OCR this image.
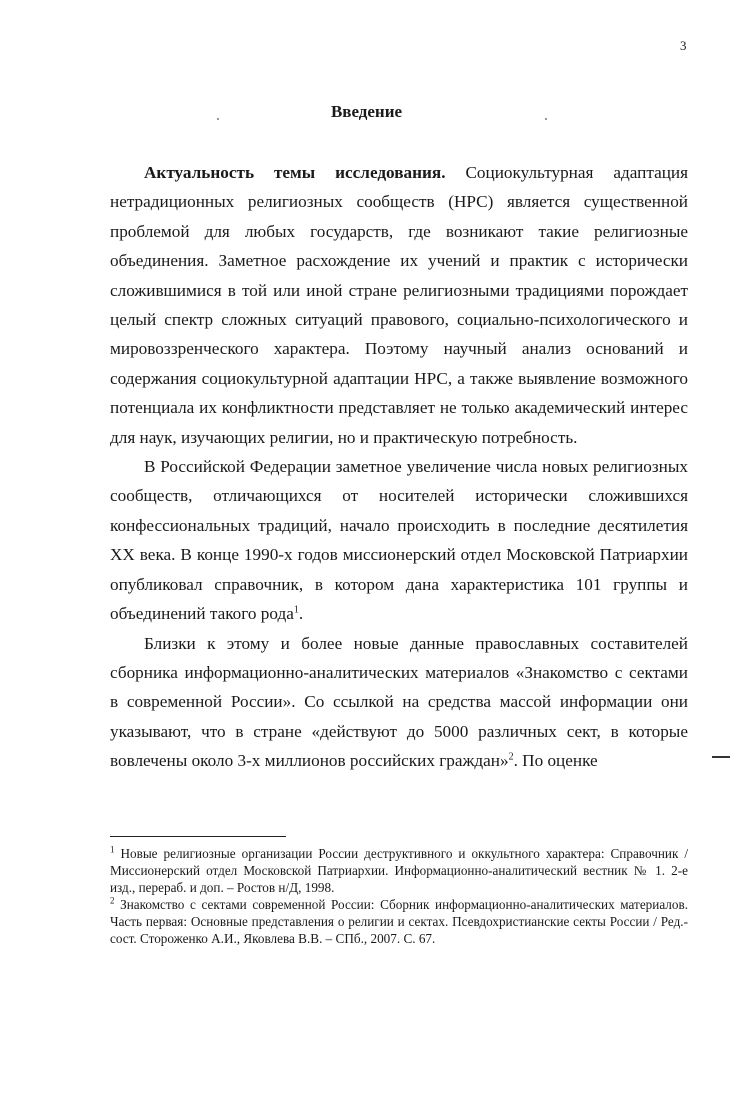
3
Введение

Актуальность темы исследования. Социокультурная адаптация нетрадиционных религиозных сообществ (НРС) является существенной проблемой для любых государств, где возникают такие религиозные объединения. Заметное расхождение их учений и практик с исторически сложившимися в той или иной стране религиозными традициями порождает целый спектр сложных ситуаций правового, социально-психологического и мировоззренческого характера. Поэтому научный анализ оснований и содержания социокультурной адаптации НРС, а также выявление возможного потенциала их конфликтности представляет не только академический интерес для наук, изучающих религии, но и практическую потребность.

В Российской Федерации заметное увеличение числа новых религиозных сообществ, отличающихся от носителей исторически сложившихся конфессиональных традиций, начало происходить в последние десятилетия XX века. В конце 1990-х годов миссионерский отдел Московской Патриархии опубликовал справочник, в котором дана характеристика 101 группы и объединений такого рода$^1$.

Близки к этому и более новые данные православных составителей сборника информационно-аналитических материалов «Знакомство с сектами в современной России». Со ссылкой на средства массой информации они указывают, что в стране «действуют до 5000 различных сект, в которые вовлечены около 3-х миллионов российских граждан»$^2$. По оценке

$^1$ Новые религиозные организации России деструктивного и оккультного характера: Справочник / Миссионерский отдел Московской Патриархии. Информационно-аналитический вестник № 1. 2-е изд., перераб. и доп. – Ростов н/Д, 1998.

$^2$ Знакомство с сектами современной России: Сборник информационно-аналитических материалов. Часть первая: Основные представления о религии и сектах. Псевдохристианские секты России / Ред.-сост. Стороженко А.И., Яковлева В.В. – СПб., 2007. С. 67.
